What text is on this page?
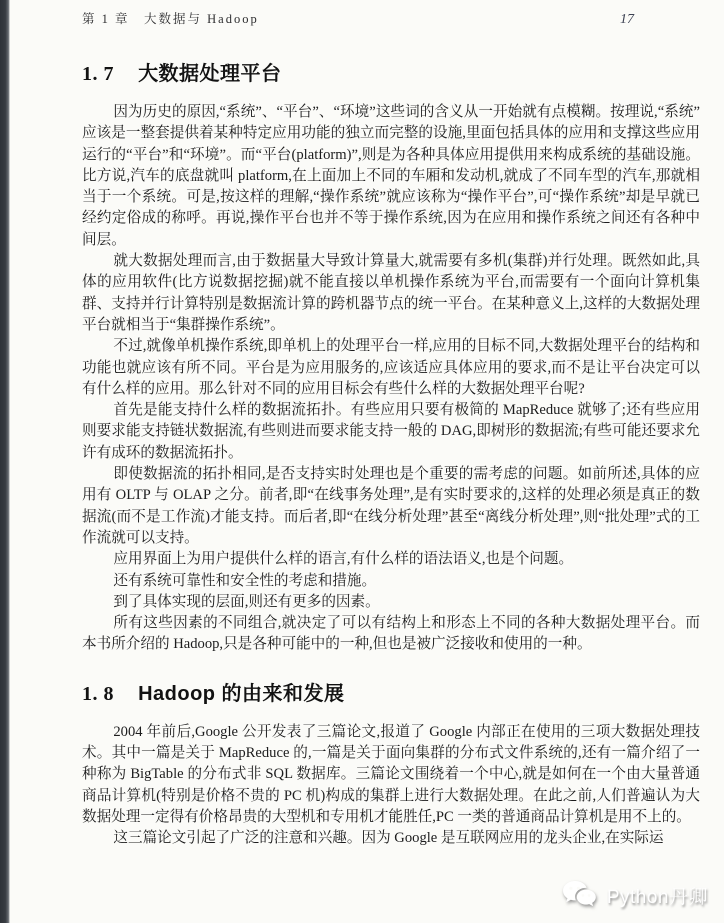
第 1 章　大数据与 Hadoop	17
1. 7 大数据处理平台

因为历史的原因,“系统”、“平台”、“环境”这些词的含义从一开始就有点模糊。按理说,“系统”应该是一整套提供着某种特定应用功能的独立而完整的设施,里面包括具体的应用和支撑这些应用运行的“平台”和“环境”。而“平台(platform)”,则是为各种具体应用提供用来构成系统的基础设施。比方说,汽车的底盘就叫 platform,在上面加上不同的车厢和发动机,就成了不同车型的汽车,那就相当于一个系统。可是,按这样的理解,“操作系统”就应该称为“操作平台”,可“操作系统”却是早就已经约定俗成的称呼。再说,操作平台也并不等于操作系统,因为在应用和操作系统之间还有各种中间层。

就大数据处理而言,由于数据量大导致计算量大,就需要有多机(集群)并行处理。既然如此,具体的应用软件(比方说数据挖掘)就不能直接以单机操作系统为平台,而需要有一个面向计算机集群、支持并行计算特别是数据流计算的跨机器节点的统一平台。在某种意义上,这样的大数据处理平台就相当于“集群操作系统”。

不过,就像单机操作系统,即单机上的处理平台一样,应用的目标不同,大数据处理平台的结构和功能也就应该有所不同。平台是为应用服务的,应该适应具体应用的要求,而不是让平台决定可以有什么样的应用。那么针对不同的应用目标会有些什么样的大数据处理平台呢?

首先是能支持什么样的数据流拓扑。有些应用只要有极简的 MapReduce 就够了;还有些应用则要求能支持链状数据流,有些则进而要求能支持一般的 DAG,即树形的数据流;有些可能还要求允许有成环的数据流拓扑。

即使数据流的拓扑相同,是否支持实时处理也是个重要的需考虑的问题。如前所述,具体的应用有 OLTP 与 OLAP 之分。前者,即“在线事务处理”,是有实时要求的,这样的处理必须是真正的数据流(而不是工作流)才能支持。而后者,即“在线分析处理”甚至“离线分析处理”,则“批处理”式的工作流就可以支持。

应用界面上为用户提供什么样的语言,有什么样的语法语义,也是个问题。

还有系统可靠性和安全性的考虑和措施。

到了具体实现的层面,则还有更多的因素。

所有这些因素的不同组合,就决定了可以有结构上和形态上不同的各种大数据处理平台。而本书所介绍的 Hadoop,只是各种可能中的一种,但也是被广泛接收和使用的一种。

1. 8 Hadoop 的由来和发展

2004 年前后,Google 公开发表了三篇论文,报道了 Google 内部正在使用的三项大数据处理技术。其中一篇是关于 MapReduce 的,一篇是关于面向集群的分布式文件系统的,还有一篇介绍了一种称为 BigTable 的分布式非 SQL 数据库。三篇论文围绕着一个中心,就是如何在一个由大量普通商品计算机(特别是价格不贵的 PC 机)构成的集群上进行大数据处理。在此之前,人们普遍认为大数据处理一定得有价格昂贵的大型机和专用机才能胜任,PC 一类的普通商品计算机是用不上的。

这三篇论文引起了广泛的注意和兴趣。因为 Google 是互联网应用的龙头企业,在实际运

Python丹卿
